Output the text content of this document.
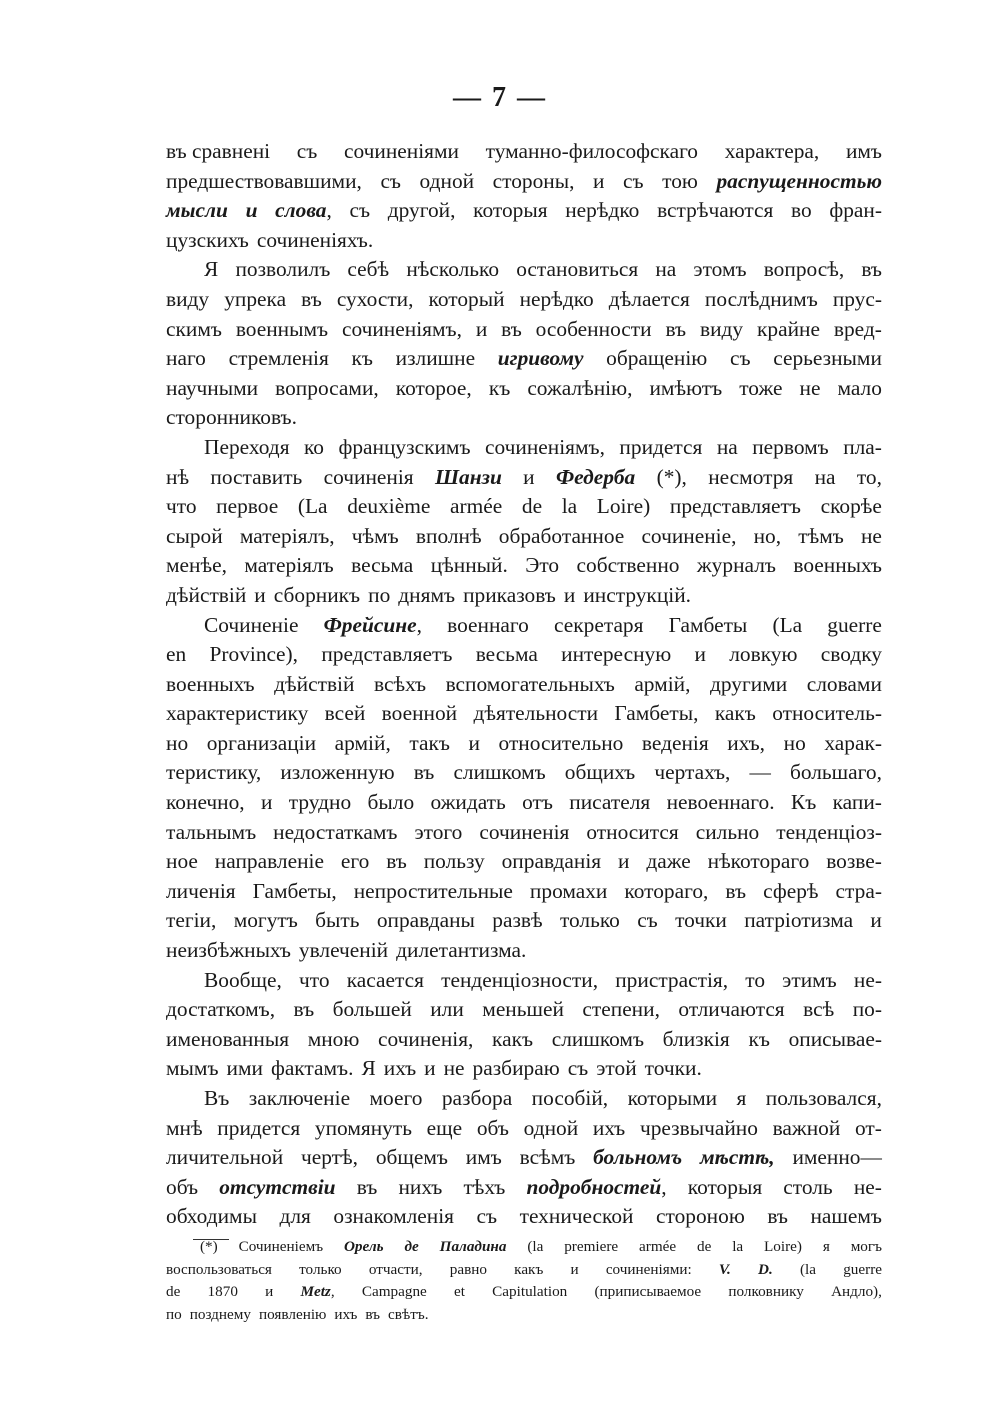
— 7 —
въ сравнені съ сочиненіями туманно-философскаго характера, имъ
предшествовавшими, съ одной стороны, и съ тою распущенностью
мысли и слова, съ другой, которыя нерѣдко встрѣчаются во фран-
цузскихъ сочиненіяхъ.
Я позволилъ себѣ нѣсколько остановиться на этомъ вопросѣ, въ
виду упрека въ сухости, который нерѣдко дѣлается послѣднимъ прус-
скимъ военнымъ сочиненіямъ, и въ особенности въ виду крайне вред-
наго стремленія къ излишне игривому обращенію съ серьезными
научными вопросами, которое, къ сожалѣнію, имѣютъ тоже не мало
сторонниковъ.
Переходя ко французскимъ сочиненіямъ, придется на первомъ пла-
нѣ поставить сочиненія Шанзи и Федерба (*), несмотря на то,
что первое (La deuxième armée de la Loire) представляетъ скорѣе
сырой матеріялъ, чѣмъ вполнѣ обработанное сочиненіе, но, тѣмъ не
менѣе, матеріялъ весьма цѣнный. Это собственно журналъ военныхъ
дѣйствій и сборникъ по днямъ приказовъ и инструкцій.
Сочиненіе Фрейсине, военнаго секретаря Гамбеты (La guerre
en Province), представляетъ весьма интересную и ловкую сводку
военныхъ дѣйствій всѣхъ вспомогательныхъ армій, другими словами
характеристику всей военной дѣятельности Гамбеты, какъ относитель-
но организаціи армій, такъ и относительно веденія ихъ, но харак-
теристику, изложенную въ слишкомъ общихъ чертахъ, — большаго,
конечно, и трудно было ожидать отъ писателя невоеннаго. Къ капи-
тальнымъ недостаткамъ этого сочиненія относится сильно тенденціоз-
ное направленіе его въ пользу оправданія и даже нѣкотораго возве-
личенія Гамбеты, непростительные промахи котораго, въ сферѣ стра-
тегіи, могутъ быть оправданы развѣ только съ точки патріотизма и
неизбѣжныхъ увлеченій дилетантизма.
Вообще, что касается тенденціозности, пристрастія, то этимъ не-
достаткомъ, въ большей или меньшей степени, отличаются всѣ по-
именованныя мною сочиненія, какъ слишкомъ близкія къ описывае-
мымъ ими фактамъ. Я ихъ и не разбираю съ этой точки.
Въ заключеніе моего разбора пособій, которыми я пользовался,
мнѣ придется упомянуть еще объ одной ихъ чрезвычайно важной от-
личительной чертѣ, общемъ имъ всѣмъ больномъ мѣстѣ, именно—
объ отсутствіи въ нихъ тѣхъ подробностей, которыя столь не-
обходимы для ознакомленія съ технической стороною въ нашемъ
(*) Сочиненіемъ Орель де Паладина (la premiere armée de la Loire) я могъ
воспользоваться только отчасти, равно какъ и сочиненіями: V. D. (la guerre
de 1870 и Metz, Campagne et Capitulation (приписываемое полковнику Андло),
по позднему появленію ихъ въ свѣтъ.
